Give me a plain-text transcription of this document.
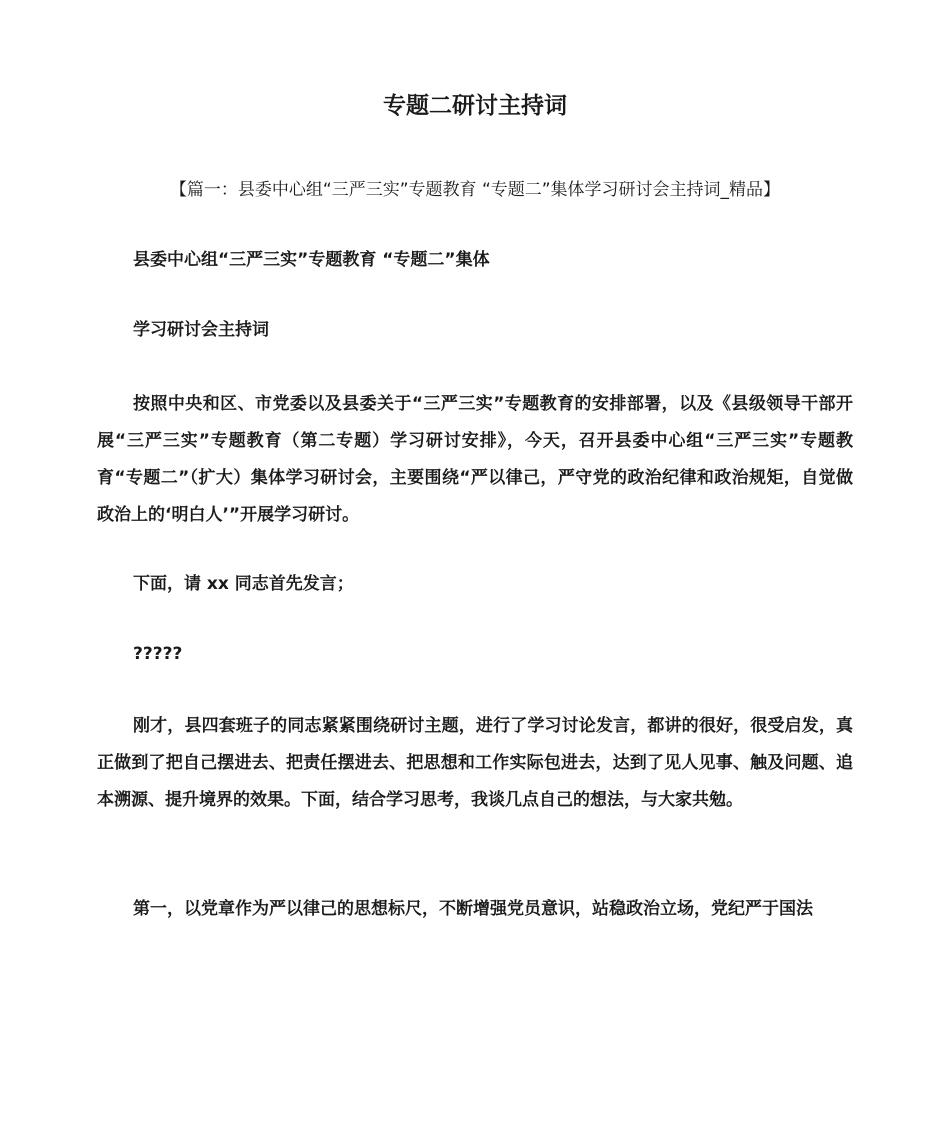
专题二研讨主持词

【篇一：县委中心组“三严三实”专题教育 “专题二”集体学习研讨会主持词_精品】

县委中心组“三严三实”专题教育 “专题二”集体

学习研讨会主持词

按照中央和区、市党委以及县委关于“三严三实”专题教育的安排部署，以及《县级领导干部开展“三严三实”专题教育（第二专题）学习研讨安排》，今天，召开县委中心组“三严三实”专题教育“专题二”（扩大）集体学习研讨会，主要围绕“严以律己，严守党的政治纪律和政治规矩，自觉做政治上的‘明白人’”开展学习研讨。

下面，请 xx 同志首先发言；

?????

刚才，县四套班子的同志紧紧围绕研讨主题，进行了学习讨论发言，都讲的很好，很受启发，真正做到了把自己摆进去、把责任摆进去、把思想和工作实际包进去，达到了见人见事、触及问题、追本溯源、提升境界的效果。下面，结合学习思考，我谈几点自己的想法，与大家共勉。

第一，以党章作为严以律己的思想标尺，不断增强党员意识，站稳政治立场，党纪严于国法
